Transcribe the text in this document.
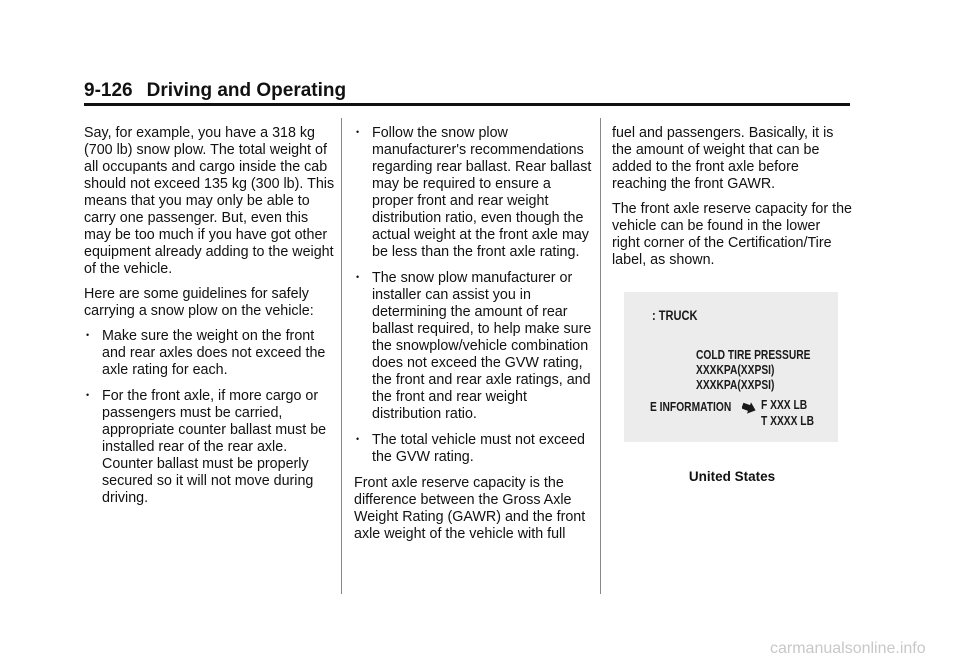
9-126 Driving and Operating

Say, for example, you have a 318 kg (700 lb) snow plow. The total weight of all occupants and cargo inside the cab should not exceed 135 kg (300 lb). This means that you may only be able to carry one passenger. But, even this may be too much if you have got other equipment already adding to the weight of the vehicle.

Here are some guidelines for safely carrying a snow plow on the vehicle:

• Make sure the weight on the front and rear axles does not exceed the axle rating for each.
• For the front axle, if more cargo or passengers must be carried, appropriate counter ballast must be installed rear of the rear axle. Counter ballast must be properly secured so it will not move during driving.
• Follow the snow plow manufacturer's recommendations regarding rear ballast. Rear ballast may be required to ensure a proper front and rear weight distribution ratio, even though the actual weight at the front axle may be less than the front axle rating.
• The snow plow manufacturer or installer can assist you in determining the amount of rear ballast required, to help make sure the snowplow/vehicle combination does not exceed the GVW rating, the front and rear axle ratings, and the front and rear weight distribution ratio.
• The total vehicle must not exceed the GVW rating.

Front axle reserve capacity is the difference between the Gross Axle Weight Rating (GAWR) and the front axle weight of the vehicle with full

fuel and passengers. Basically, it is the amount of weight that can be added to the front axle before reaching the front GAWR.

The front axle reserve capacity for the vehicle can be found in the lower right corner of the Certification/Tire label, as shown.

: TRUCK
COLD TIRE PRESSURE
XXXKPA(XXPSI)
XXXKPA(XXPSI)
E INFORMATION F XXX LB
T XXXX LB
United States
carmanualsonline.info
